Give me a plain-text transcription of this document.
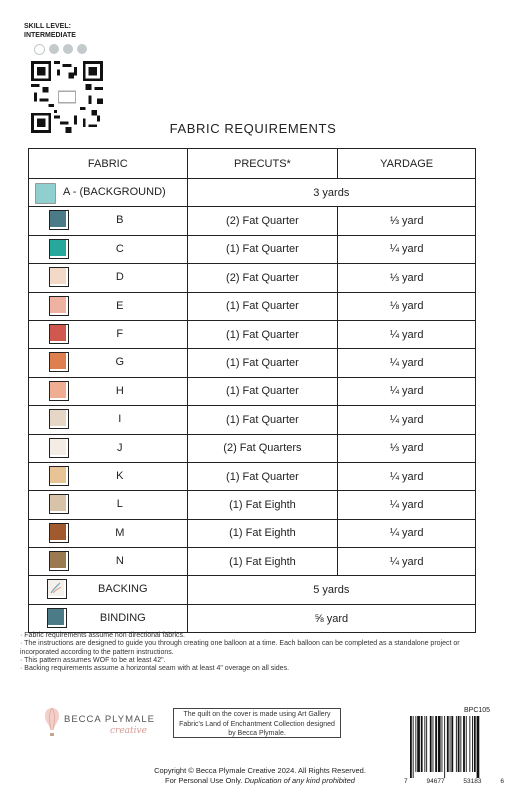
SKILL LEVEL:
INTERMEDIATE
FABRIC REQUIREMENTS
FABRIC	PRECUTS*	YARDAGE

A - (BACKGROUND)	3 yards	

B	(2) Fat Quarter	⅓ yard

C	(1) Fat Quarter	¼ yard

D	(2) Fat Quarter	⅓ yard

E	(1) Fat Quarter	⅛ yard

F	(1) Fat Quarter	¼ yard

G	(1) Fat Quarter	¼ yard

H	(1) Fat Quarter	¼ yard

I	(1) Fat Quarter	¼ yard

J	(2) Fat Quarters	⅓ yard

K	(1) Fat Quarter	¼ yard

L	(1) Fat Eighth	¼ yard

M	(1) Fat Eighth	¼ yard

N	(1) Fat Eighth	¼ yard

BACKING	5 yards	

BINDING	⅝ yard	
· Fabric requirements assume non directional fabrics.
· The instructions are designed to guide you through creating one balloon at a time. Each balloon can be completed as a standalone project or incorporated according to the pattern instructions.
· This pattern assumes WOF to be at least 42".
· Backing requirements assume a horizontal seam with at least 4" overage on all sides.
BECCA PLYMALE
creative
The quilt on the cover is made using Art Gallery Fabric's Land of Enchantment Collection designed by Becca Plymale.
BPC105
7	94677	53183	6
Copyright © Becca Plymale Creative 2024. All Rights Reserved.
For Personal Use Only. Duplication of any kind prohibited
